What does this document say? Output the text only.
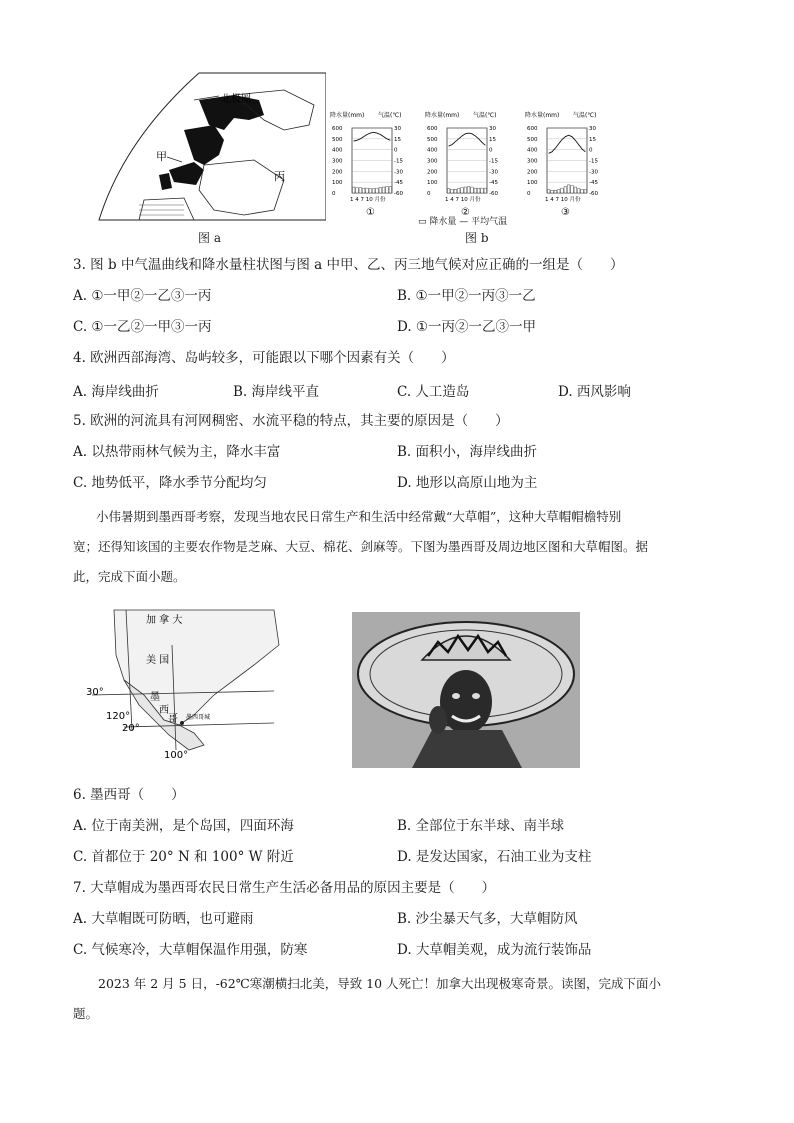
北极圈
甲
丙
图 a
降水量(mm) 气温(℃)
600
500
400
300
200
100
0
30
15
0
-15
-30
-45
-60
1 4 7 10 月份
①
降水量(mm) 气温(℃)
600
500
400
300
200
100
0
30
15
0
-15
-30
-45
-60
1 4 7 10 月份
②
降水量(mm) 气温(℃)
600
500
400
300
200
100
0
30
15
0
-15
-30
-45
-60
1 4 7 10 月份
③
▭ 降水量 — 平均气温
图 b
3. 图 b 中气温曲线和降水量柱状图与图 a 中甲、乙、丙三地气候对应正确的一组是（　　）
A. ①一甲②一乙③一丙	B. ①一甲②一丙③一乙
C. ①一乙②一甲③一丙	D. ①一丙②一乙③一甲
4. 欧洲西部海湾、岛屿较多，可能跟以下哪个因素有关（　　）
A. 海岸线曲折	B. 海岸线平直	C. 人工造岛	D. 西风影响
5. 欧洲的河流具有河网稠密、水流平稳的特点，其主要的原因是（　　）
A. 以热带雨林气候为主，降水丰富	B. 面积小，海岸线曲折
C. 地势低平，降水季节分配均匀	D. 地形以高原山地为主
小伟暑期到墨西哥考察，发现当地农民日常生产和生活中经常戴“大草帽”，这种大草帽帽檐特别
宽；还得知该国的主要农作物是芝麻、大豆、棉花、剑麻等。下图为墨西哥及周边地区图和大草帽图。据
此，完成下面小题。
加 拿 大
美 国
墨
西
哥 墨西哥城
30°
120°
20°
100°
6. 墨西哥（　　）
A. 位于南美洲，是个岛国，四面环海	B. 全部位于东半球、南半球
C. 首都位于 20° N 和 100° W 附近	D. 是发达国家，石油工业为支柱
7. 大草帽成为墨西哥农民日常生产生活必备用品的原因主要是（　　）
A. 大草帽既可防晒，也可避雨	B. 沙尘暴天气多，大草帽防风
C. 气候寒冷，大草帽保温作用强，防寒	D. 大草帽美观，成为流行装饰品
2023 年 2 月 5 日，-62℃寒潮横扫北美，导致 10 人死亡！加拿大出现极寒奇景。读图，完成下面小
题。
